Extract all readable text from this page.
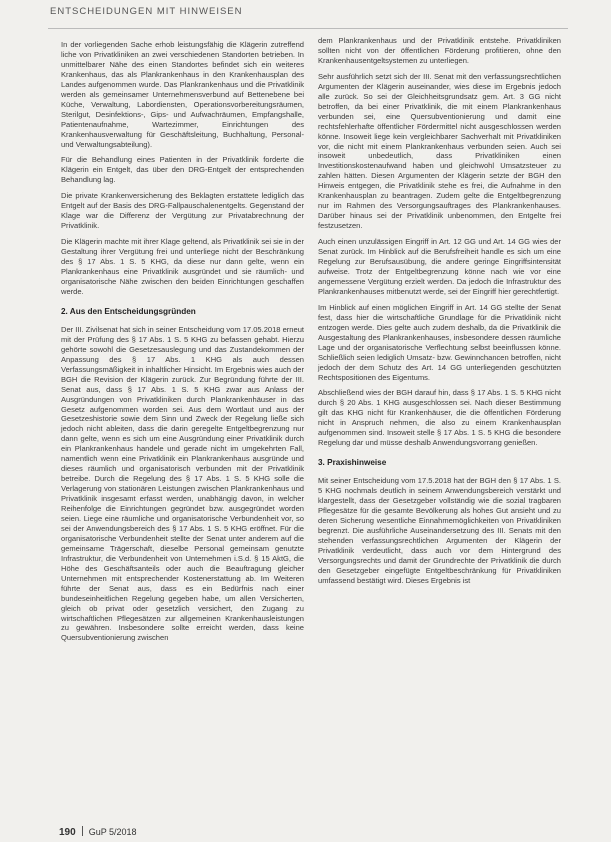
ENTSCHEIDUNGEN MIT HINWEISEN

In der vorliegenden Sache erhob leistungsfähig die Klägerin zutreffend liche von Privatkliniken an zwei verschiedenen Standorten betrieben. In unmittelbarer Nähe des einen Standortes befindet sich ein weiteres Krankenhaus, das als Plankrankenhaus in den Krankenhausplan des Landes aufgenommen wurde. Das Plankrankenhaus und die Privatklinik werden als gemeinsamer Unternehmensverbund auf Bettenebene bei Küche, Verwaltung, Labordiensten, Operationsvorbereitungsräumen, Sterilgut, Desinfektions-, Gips- und Aufwachräumen, Empfangshalle, Patientenaufnahme, Wartezimmer, Einrichtungen des Krankenhausverwaltung für Geschäftsleitung, Buchhaltung, Personal- und Verwaltungsabteilung).

Für die Behandlung eines Patienten in der Privatklinik forderte die Klägerin ein Entgelt, das über den DRG-Entgelt der entsprechenden Behandlung lag.

Die private Krankenversicherung des Beklagten erstattete lediglich das Entgelt auf der Basis des DRG-Fallpauschalenentgelts. Gegenstand der Klage war die Differenz der Vergütung zur Privatabrechnung der Privatklinik.

Die Klägerin machte mit ihrer Klage geltend, als Privatklinik sei sie in der Gestaltung ihrer Vergütung frei und unterliege nicht der Beschränkung des § 17 Abs. 1 S. 5 KHG, da diese nur dann gelte, wenn ein Plankrankenhaus eine Privatklinik ausgründet und sie räumlich- und organisatorische Nähe zwischen den beiden Einrichtungen geschaffen werde.

2. Aus den Entscheidungsgründen

Der III. Zivilsenat hat sich in seiner Entscheidung vom 17.05.2018 erneut mit der Prüfung des § 17 Abs. 1 S. 5 KHG zu befassen gehabt. Hierzu gehörte sowohl die Gesetzesauslegung und das Zustandekommen der Anpassung des § 17 Abs. 1 KHG als auch dessen Verfassungsmäßigkeit in inhaltlicher Hinsicht. Im Ergebnis wies auch der BGH die Revision der Klägerin zurück. Zur Begründung führte der III. Senat aus, dass § 17 Abs. 1 S. 5 KHG zwar aus Anlass der Ausgründungen von Privatkliniken durch Plankrankenhäuser in das Gesetz aufgenommen worden sei. Aus dem Wortlaut und aus der Gesetzeshistorie sowie dem Sinn und Zweck der Regelung ließe sich jedoch nicht ableiten, dass die darin geregelte Entgeltbegrenzung nur dann gelte, wenn es sich um eine Ausgründung einer Privatklinik durch ein Plankrankenhaus handele und gerade nicht im umgekehrten Fall, namentlich wenn eine Privatklinik ein Plankrankenhaus ausgründe und dieses räumlich und organisatorisch verbunden mit der Privatklinik betreibe. Durch die Regelung des § 17 Abs. 1 S. 5 KHG solle die Verlagerung von stationären Leistungen zwischen Plankrankenhaus und Privatklinik insgesamt erfasst werden, unabhängig davon, in welcher Reihenfolge die Einrichtungen gegründet bzw. ausgegründet worden seien. Liege eine räumliche und organisatorische Verbundenheit vor, so sei der Anwendungsbereich des § 17 Abs. 1 S. 5 KHG eröffnet. Für die organisatorische Verbundenheit stellte der Senat unter anderem auf die gemeinsame Trägerschaft, dieselbe Personal gemeinsam genutzte Infrastruktur, die Verbundenheit von Unternehmen i.S.d. § 15 AktG, die Höhe des Geschäftsanteils oder auch die Beauftragung gleicher Unternehmen mit entsprechender Kostenerstattung ab. Im Weiteren führte der Senat aus, dass es ein Bedürfnis nach einer bundeseinheitlichen Regelung gegeben habe, um allen Versicherten, gleich ob privat oder gesetzlich versichert, den Zugang zu wirtschaftlichen Pflegesätzen zur allgemeinen Krankenhausleistungen zu gewähren. Insbesondere sollte erreicht werden, dass keine Quersubventionierung zwischen

dem Plankrankenhaus und der Privatklinik entstehe. Privatkliniken sollten nicht von der öffentlichen Förderung profitieren, ohne den Krankenhausentgeltsystemen zu unterliegen.

Sehr ausführlich setzt sich der III. Senat mit den verfassungsrechtlichen Argumenten der Klägerin auseinander, wies diese im Ergebnis jedoch alle zurück. So sei der Gleichheitsgrundsatz gem. Art. 3 GG nicht betroffen, da bei einer Privatklinik, die mit einem Plankrankenhaus verbunden sei, eine Quersubventionierung und damit eine rechtsfehlerhafte öffentlicher Fördermittel nicht ausgeschlossen werden könne. Insoweit liege kein vergleichbarer Sachverhalt mit Privatkliniken vor, die nicht mit einem Plankrankenhaus verbunden seien. Auch sei insoweit unbedeutlich, dass Privatkliniken einen Investitionskostenaufwand haben und gleichwohl Umsatzsteuer zu zahlen hätten. Diesen Argumenten der Klägerin setzte der BGH den Hinweis entgegen, die Privatklinik stehe es frei, die Aufnahme in den Krankenhausplan zu beantragen. Zudem gelte die Entgeltbegrenzung nur im Rahmen des Versorgungsauftrages des Plankrankenhauses. Darüber hinaus sei der Privatklinik unbenommen, den Entgelte frei festzusetzen.

Auch einen unzulässigen Eingriff in Art. 12 GG und Art. 14 GG wies der Senat zurück. Im Hinblick auf die Berufsfreiheit handle es sich um eine Regelung zur Berufsausübung, die andere geringe Eingriffsintensität aufweise. Trotz der Entgeltbegrenzung könne nach wie vor eine angemessene Vergütung erzielt werden. Da jedoch die Infrastruktur des Plankrankenhauses mitbenutzt werde, sei der Eingriff hier gerechtfertigt.

Im Hinblick auf einen möglichen Eingriff in Art. 14 GG stellte der Senat fest, dass hier die wirtschaftliche Grundlage für die Privatklinik nicht entzogen werde. Dies gelte auch zudem deshalb, da die Privatklinik die Ausgestaltung des Plankrankenhauses, insbesondere dessen räumliche Lage und der organisatorische Verflechtung selbst beeinflussen könne. Schließlich seien lediglich Umsatz- bzw. Gewinnchancen betroffen, nicht jedoch der dem Schutz des Art. 14 GG unterliegenden geschützten Rechtspositionen des Eigentums.

Abschließend wies der BGH darauf hin, dass § 17 Abs. 1 S. 5 KHG nicht durch § 20 Abs. 1 KHG ausgeschlossen sei. Nach dieser Bestimmung gilt das KHG nicht für Krankenhäuser, die die öffentlichen Förderung nicht in Anspruch nehmen, die also zu einem Krankenhausplan aufgenommen sind. Insoweit stelle § 17 Abs. 1 S. 5 KHG die besondere Regelung dar und müsse deshalb Anwendungsvorrang genießen.

3. Praxishinweise

Mit seiner Entscheidung vom 17.5.2018 hat der BGH den § 17 Abs. 1 S. 5 KHG nochmals deutlich in seinem Anwendungsbereich verstärkt und klargestellt, dass der Gesetzgeber vollständig wie die sozial tragbaren Pflegesätze für die gesamte Bevölkerung als hohes Gut ansieht und zu deren Sicherung wesentliche Einnahmemöglichkeiten von Privatkliniken begrenzt. Die ausführliche Auseinandersetzung des III. Senats mit den stehenden verfassungsrechtlichen Argumenten der Klägerin der Privatklinik verdeutlicht, dass auch vor dem Hintergrund des Versorgungsrechts und damit der Grundrechte der Privatklinik die durch den Gesetzgeber eingefügte Entgeltbeschränkung für Privatkliniken umfassend bestätigt wird. Dieses Ergebnis ist

190 GuP 5/2018
